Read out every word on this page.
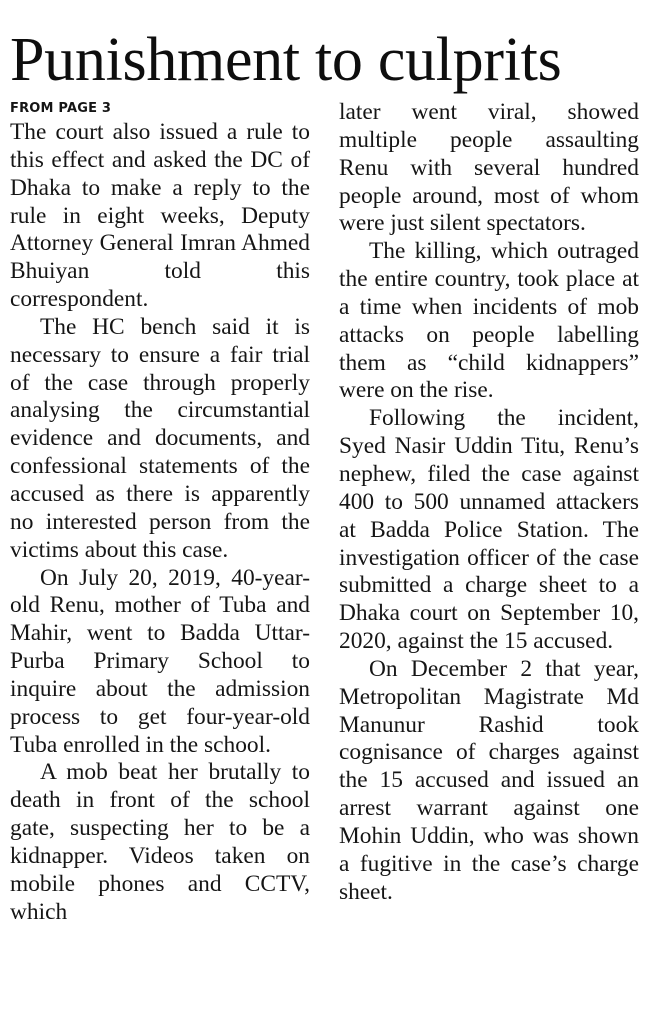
Punishment to culprits
FROM PAGE 3

The court also issued a rule to this effect and asked the DC of Dhaka to make a reply to the rule in eight weeks, Deputy Attorney General Imran Ahmed Bhuiyan told this correspondent.

The HC bench said it is necessary to ensure a fair trial of the case through properly analysing the circumstantial evidence and documents, and confessional statements of the accused as there is apparently no interested person from the victims about this case.

On July 20, 2019, 40-year-old Renu, mother of Tuba and Mahir, went to Badda Uttar-Purba Primary School to inquire about the admission process to get four-year-old Tuba enrolled in the school.

A mob beat her brutally to death in front of the school gate, suspecting her to be a kidnapper. Videos taken on mobile phones and CCTV, which

later went viral, showed multiple people assaulting Renu with several hundred people around, most of whom were just silent spectators.

The killing, which outraged the entire country, took place at a time when incidents of mob attacks on people labelling them as “child kidnappers” were on the rise.

Following the incident, Syed Nasir Uddin Titu, Renu’s nephew, filed the case against 400 to 500 unnamed attackers at Badda Police Station. The investigation officer of the case submitted a charge sheet to a Dhaka court on September 10, 2020, against the 15 accused.

On December 2 that year, Metropolitan Magistrate Md Manunur Rashid took cognisance of charges against the 15 accused and issued an arrest warrant against one Mohin Uddin, who was shown a fugitive in the case’s charge sheet.
